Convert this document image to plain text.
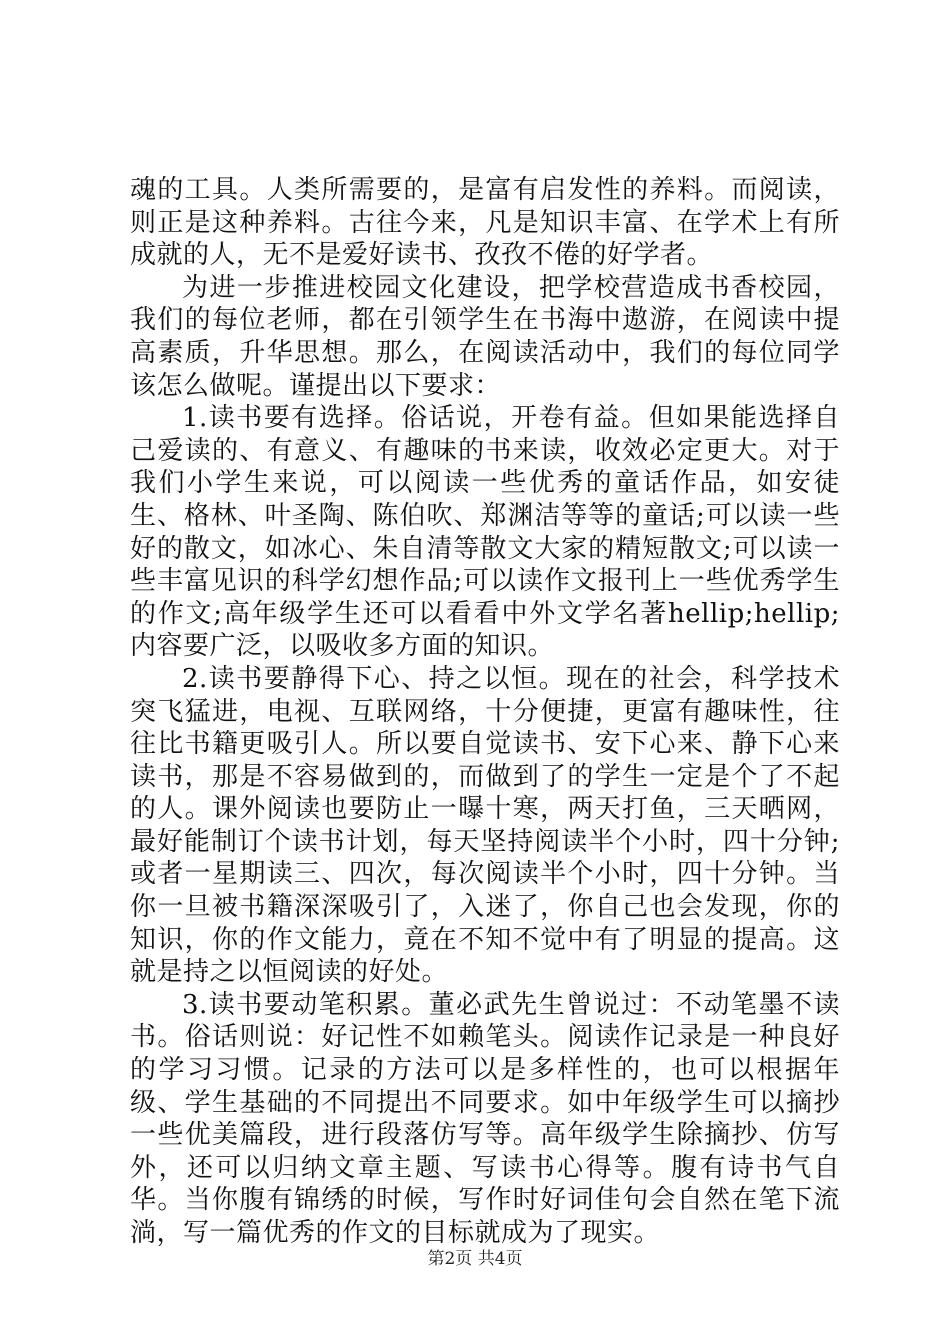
魂的工具。人类所需要的，是富有启发性的养料。而阅读，则正是这种养料。古往今来，凡是知识丰富、在学术上有所成就的人，无不是爱好读书、孜孜不倦的好学者。

为进一步推进校园文化建设，把学校营造成书香校园，我们的每位老师，都在引领学生在书海中遨游，在阅读中提高素质，升华思想。那么，在阅读活动中，我们的每位同学该怎么做呢。谨提出以下要求：

1.读书要有选择。俗话说，开卷有益。但如果能选择自己爱读的、有意义、有趣味的书来读，收效必定更大。对于我们小学生来说，可以阅读一些优秀的童话作品，如安徒生、格林、叶圣陶、陈伯吹、郑渊洁等等的童话;可以读一些好的散文，如冰心、朱自清等散文大家的精短散文;可以读一些丰富见识的科学幻想作品;可以读作文报刊上一些优秀学生的作文;高年级学生还可以看看中外文学名著hellip;hellip;内容要广泛，以吸收多方面的知识。

2.读书要静得下心、持之以恒。现在的社会，科学技术突飞猛进，电视、互联网络，十分便捷，更富有趣味性，往往比书籍更吸引人。所以要自觉读书、安下心来、静下心来读书，那是不容易做到的，而做到了的学生一定是个了不起的人。课外阅读也要防止一曝十寒，两天打鱼，三天晒网，最好能制订个读书计划，每天坚持阅读半个小时，四十分钟;或者一星期读三、四次，每次阅读半个小时，四十分钟。当你一旦被书籍深深吸引了，入迷了，你自己也会发现，你的知识，你的作文能力，竟在不知不觉中有了明显的提高。这就是持之以恒阅读的好处。

3.读书要动笔积累。董必武先生曾说过：不动笔墨不读书。俗话则说：好记性不如赖笔头。阅读作记录是一种良好的学习习惯。记录的方法可以是多样性的，也可以根据年级、学生基础的不同提出不同要求。如中年级学生可以摘抄一些优美篇段，进行段落仿写等。高年级学生除摘抄、仿写外，还可以归纳文章主题、写读书心得等。腹有诗书气自华。当你腹有锦绣的时候，写作时好词佳句会自然在笔下流淌，写一篇优秀的作文的目标就成为了现实。

第2页 共4页
